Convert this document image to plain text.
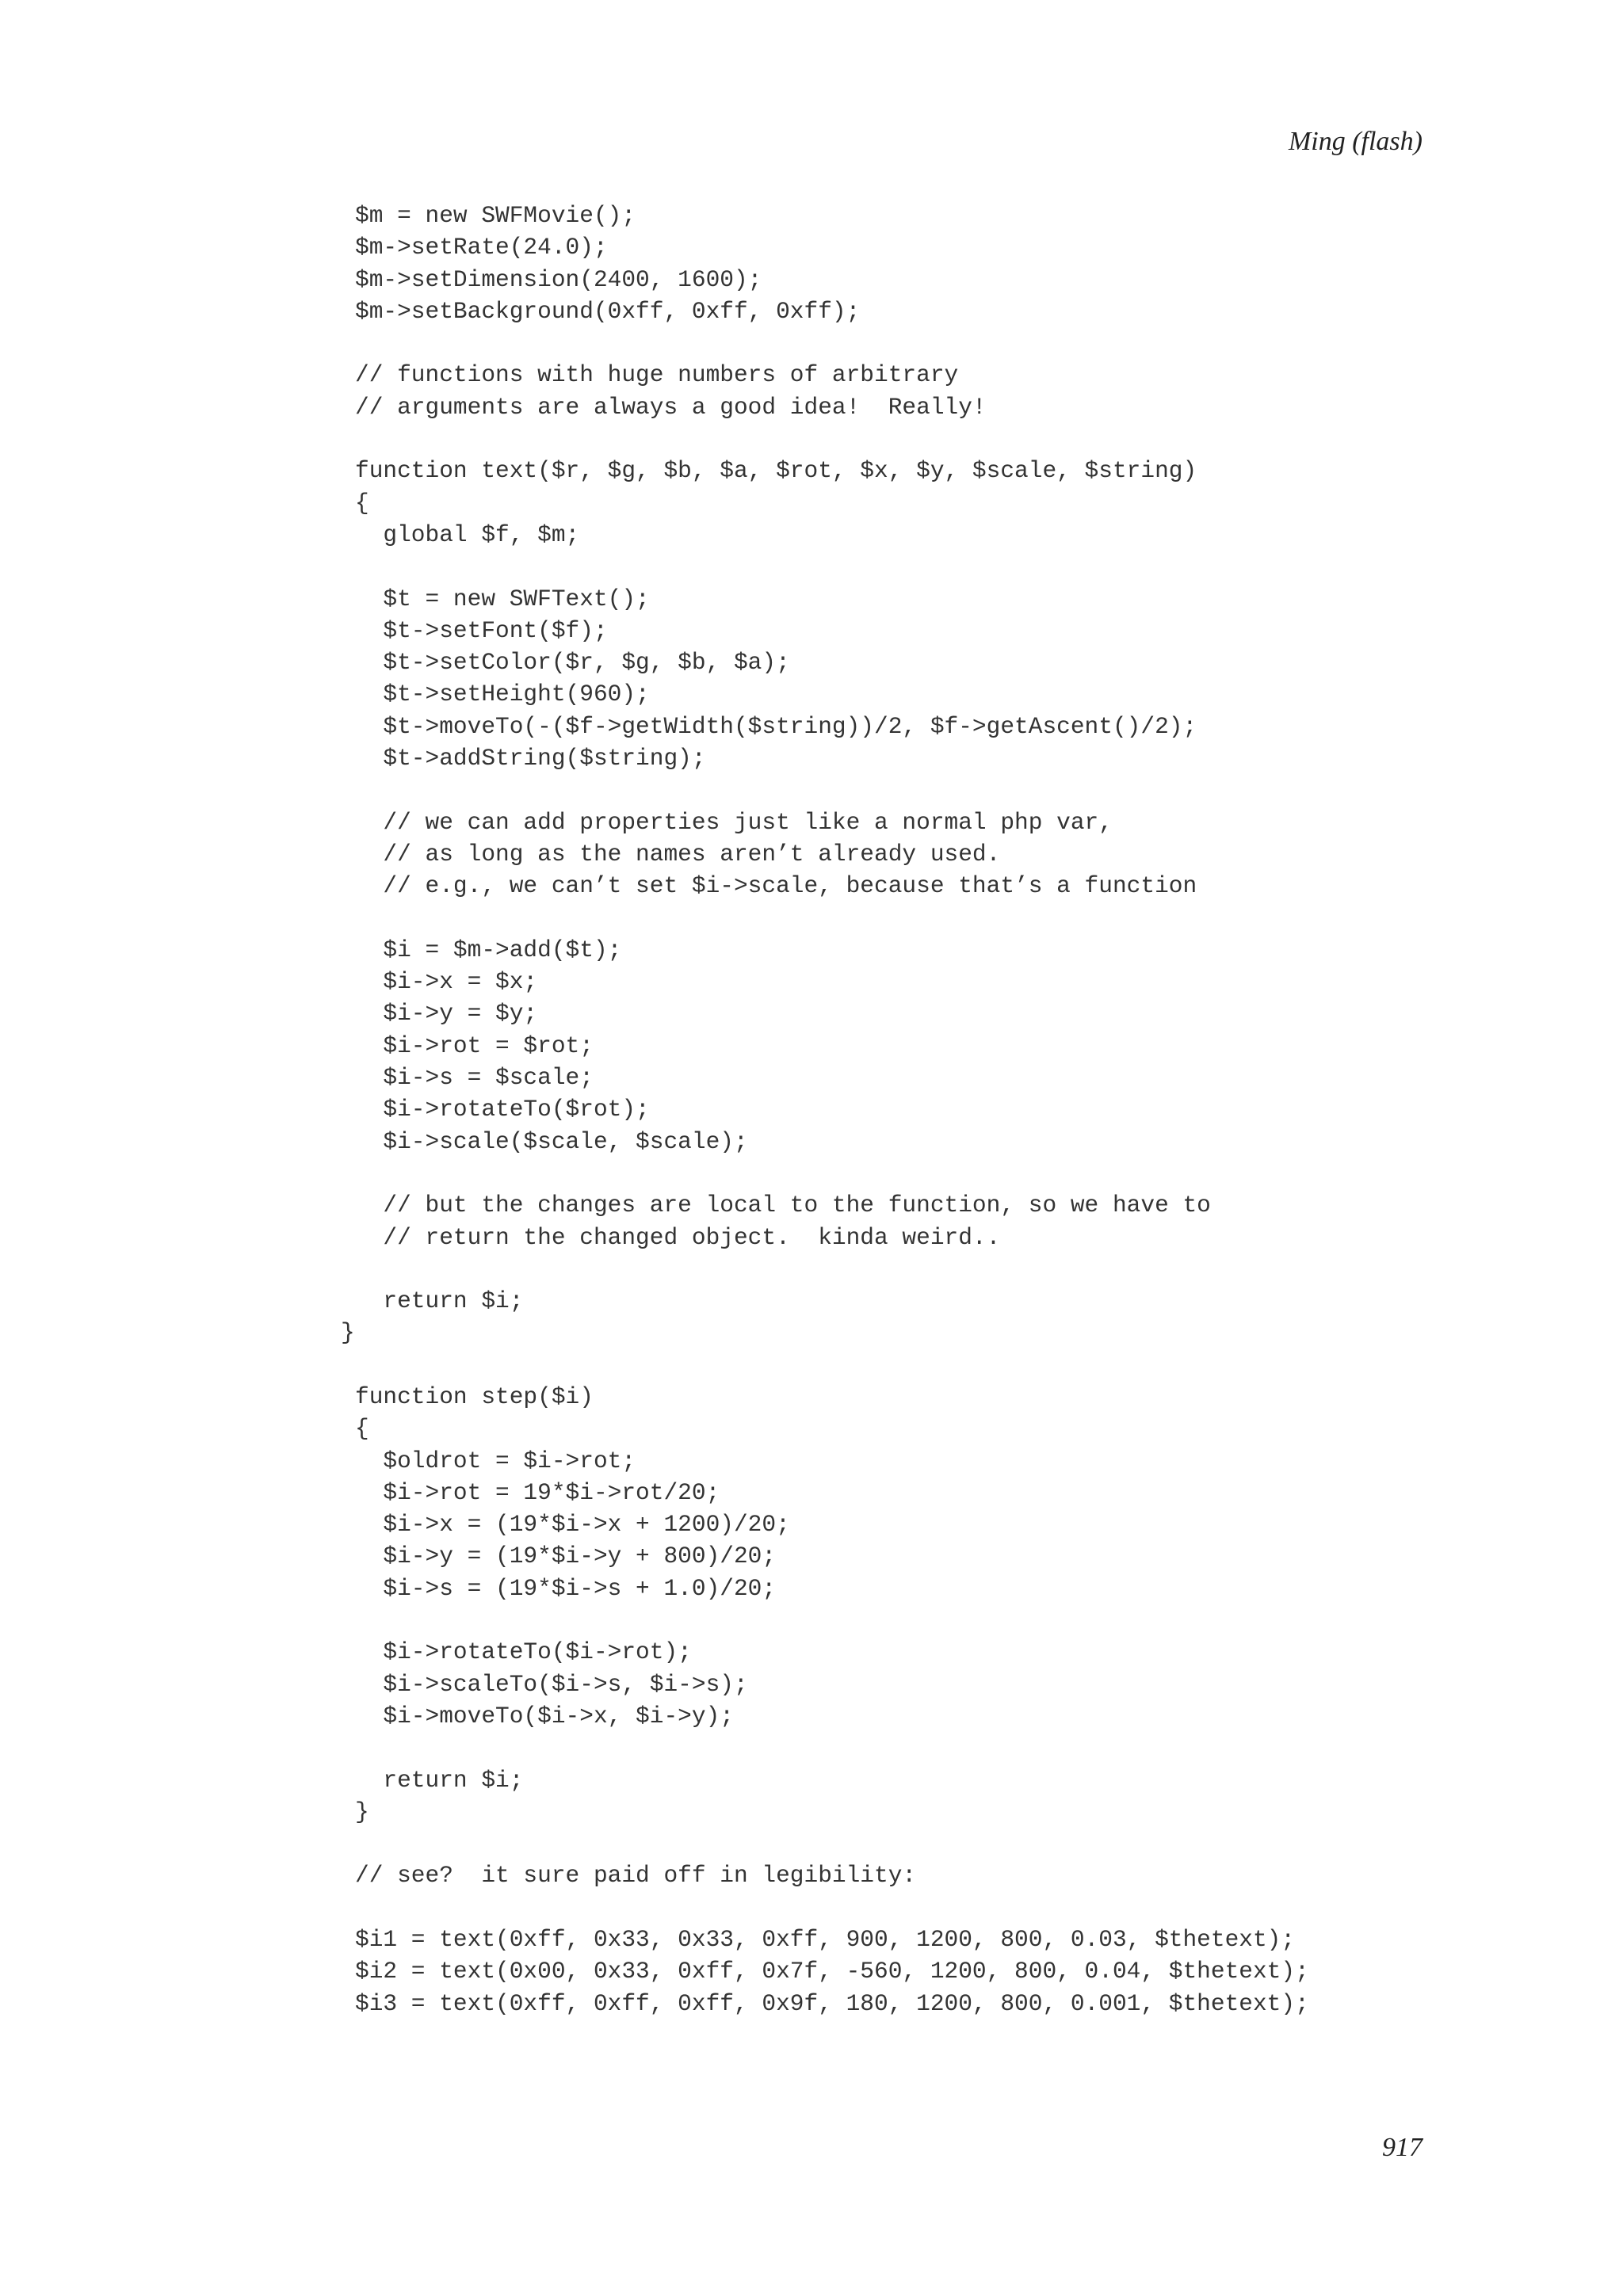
Ming (flash)
$m = new SWFMovie();
$m->setRate(24.0);
$m->setDimension(2400, 1600);
$m->setBackground(0xff, 0xff, 0xff);

// functions with huge numbers of arbitrary
// arguments are always a good idea!  Really!

function text($r, $g, $b, $a, $rot, $x, $y, $scale, $string)
{
global $f, $m;

$t = new SWFText();
$t->setFont($f);
$t->setColor($r, $g, $b, $a);
$t->setHeight(960);
$t->moveTo(-($f->getWidth($string))/2, $f->getAscent()/2);
$t->addString($string);

// we can add properties just like a normal php var,
// as long as the names aren’t already used.
// e.g., we can’t set $i->scale, because that’s a function

$i = $m->add($t);
$i->x = $x;
$i->y = $y;
$i->rot = $rot;
$i->s = $scale;
$i->rotateTo($rot);
$i->scale($scale, $scale);

// but the changes are local to the function, so we have to
// return the changed object.  kinda weird..

return $i;
}

function step($i)
{
$oldrot = $i->rot;
$i->rot = 19*$i->rot/20;
$i->x = (19*$i->x + 1200)/20;
$i->y = (19*$i->y + 800)/20;
$i->s = (19*$i->s + 1.0)/20;

$i->rotateTo($i->rot);
$i->scaleTo($i->s, $i->s);
$i->moveTo($i->x, $i->y);

return $i;
}

// see?  it sure paid off in legibility:

$i1 = text(0xff, 0x33, 0x33, 0xff, 900, 1200, 800, 0.03, $thetext);
$i2 = text(0x00, 0x33, 0xff, 0x7f, -560, 1200, 800, 0.04, $thetext);
$i3 = text(0xff, 0xff, 0xff, 0x9f, 180, 1200, 800, 0.001, $thetext);
917
